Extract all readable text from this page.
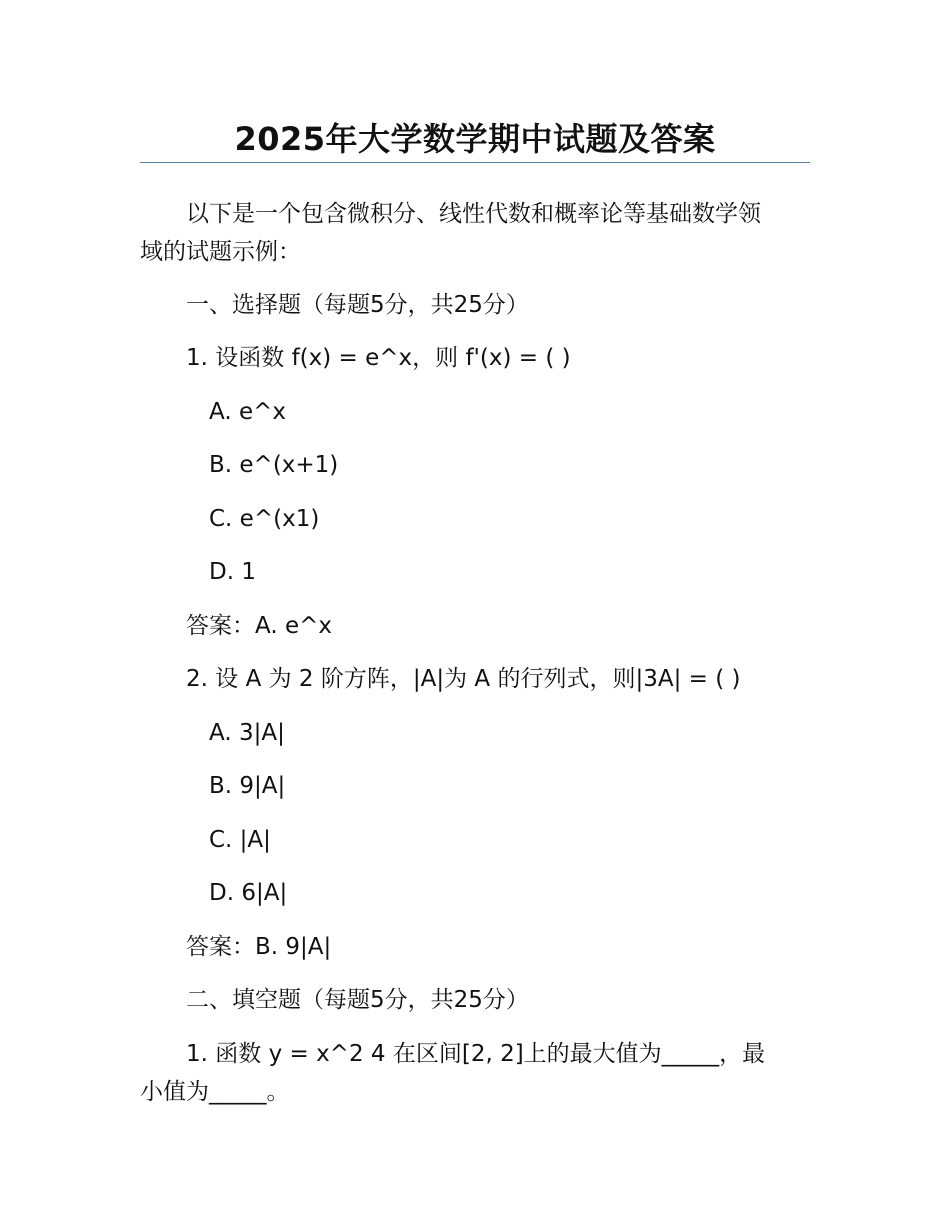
2025年大学数学期中试题及答案
以下是一个包含微积分、线性代数和概率论等基础数学领
域的试题示例：
一、选择题（每题5分，共25分）
1. 设函数 f(x) = e^x，则 f'(x) = ( )
A. e^x
B. e^(x+1)
C. e^(x1)
D. 1
答案：A. e^x
2. 设 A 为 2 阶方阵，|A|为 A 的行列式，则|3A| = ( )
A. 3|A|
B. 9|A|
C. |A|
D. 6|A|
答案：B. 9|A|
二、填空题（每题5分，共25分）
1. 函数 y = x^2 4 在区间[2, 2]上的最大值为_____，最
小值为_____。
